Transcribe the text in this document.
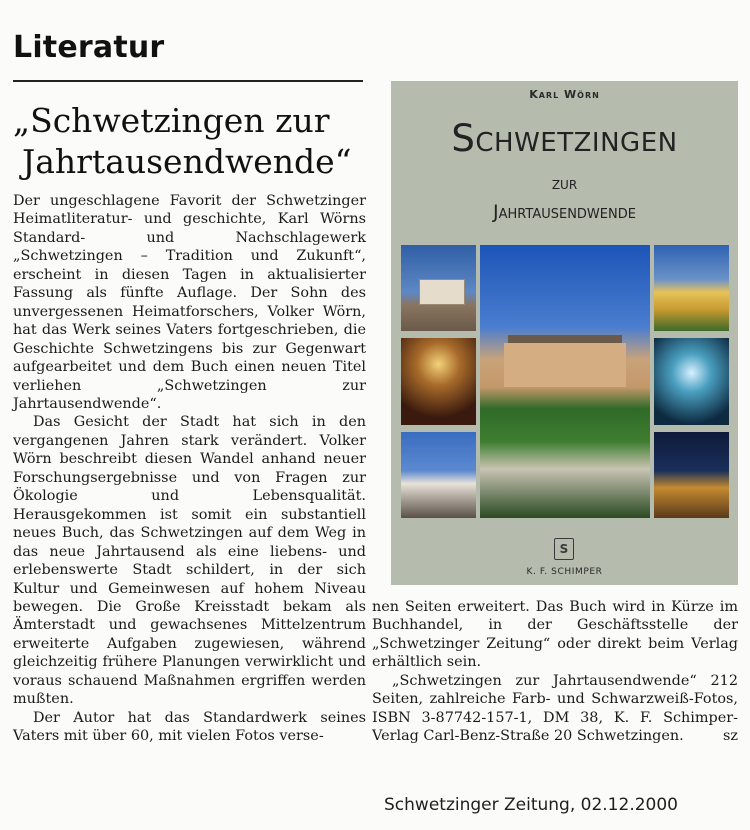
Literatur
„Schwetzingen zur
Jahrtausendwende“

Der ungeschlagene Favorit der Schwetzinger Heimatliteratur- und geschichte, Karl Wörns Standard- und Nachschlagewerk „Schwetzingen – Tradition und Zukunft“, erscheint in diesen Tagen in aktualisierter Fassung als fünfte Auflage. Der Sohn des unvergessenen Heimatforschers, Volker Wörn, hat das Werk seines Vaters fortgeschrieben, die Geschichte Schwetzingens bis zur Gegenwart aufgearbeitet und dem Buch einen neuen Titel verliehen „Schwetzingen zur Jahrtausendwende“.

Das Gesicht der Stadt hat sich in den vergangenen Jahren stark verändert. Volker Wörn beschreibt diesen Wandel anhand neuer Forschungsergebnisse und von Fragen zur Ökologie und Lebensqualität. Herausgekommen ist somit ein substantiell neues Buch, das Schwetzingen auf dem Weg in das neue Jahrtausend als eine liebens- und erlebenswerte Stadt schildert, in der sich Kultur und Gemeinwesen auf hohem Niveau bewegen. Die Große Kreisstadt bekam als Ämterstadt und gewachsenes Mittelzentrum erweiterte Aufgaben zugewiesen, während gleichzeitig frühere Planungen verwirklicht und voraus schauend Maßnahmen ergriffen werden mußten.

Der Autor hat das Standardwerk seines Vaters mit über 60, mit vielen Fotos verse-

Karl Wörn
Schwetzingen
zur
Jahrtausendwende
S
K. F. SCHIMPER

nen Seiten erweitert. Das Buch wird in Kürze im Buchhandel, in der Geschäftsstelle der „Schwetzinger Zeitung“ oder direkt beim Verlag erhältlich sein.

„Schwetzingen zur Jahrtausendwende“ 212 Seiten, zahlreiche Farb- und Schwarzweiß-Fotos, ISBN 3-87742-157-1, DM 38, K. F. Schimper-Verlag Carl-Benz-Straße 20 Schwetzingen.	sz
Schwetzinger Zeitung, 02.12.2000
